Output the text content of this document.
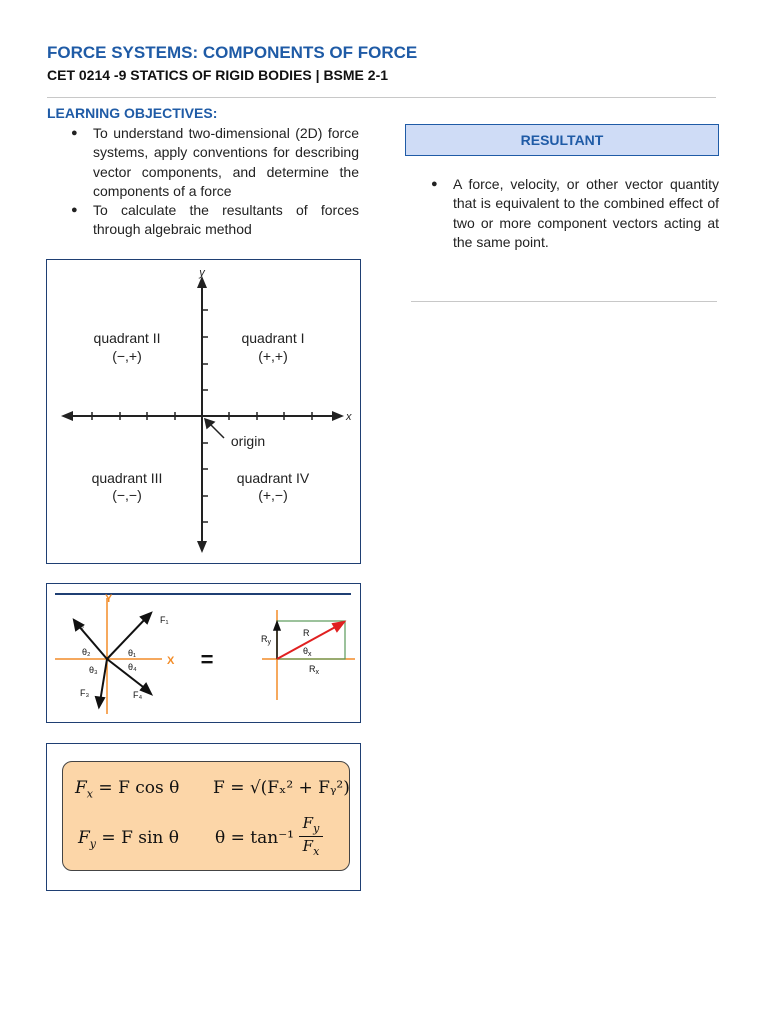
FORCE SYSTEMS: COMPONENTS OF FORCE
CET 0214 -9 STATICS OF RIGID BODIES | BSME 2-1
LEARNING OBJECTIVES:
● To understand two-dimensional (2D) force systems, apply conventions for describing vector components, and determine the components of a force
● To calculate the resultants of forces through algebraic method
x
y
quadrant II
(−,+)
quadrant I
(+,+)
quadrant III
(−,−)
quadrant IV
(+,−)
origin
Y
X
F₁
F₂
F₃	F₄
θ₁
θ₂
θ₃	θ₄	=
$R_y$
R
$\theta_x$
$R_x$
$F_x = F$ cos θ F = √(Fₓ² + Fᵧ²)
$F_y = F$ sin θ θ = tan⁻¹
$F_y$
$F_x$
RESULTANT
● A force, velocity, or other vector quantity that is equivalent to the combined effect of two or more component vectors acting at the same point.
